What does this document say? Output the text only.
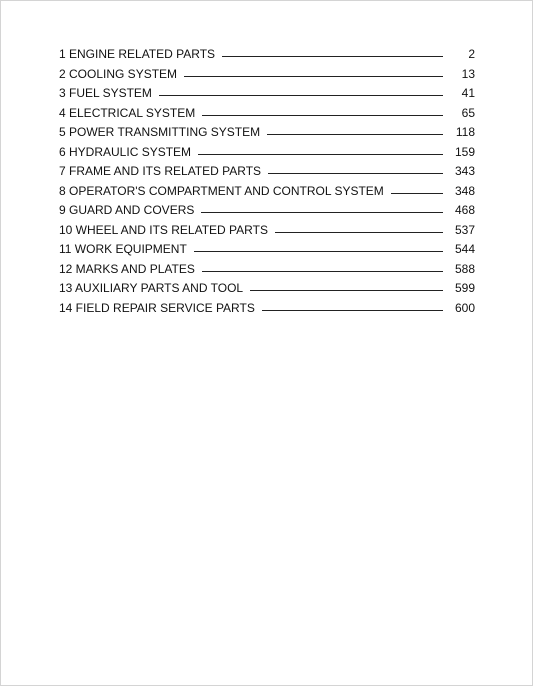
1 ENGINE RELATED PARTS	2
2 COOLING SYSTEM	13
3 FUEL SYSTEM	41
4 ELECTRICAL SYSTEM	65
5 POWER TRANSMITTING SYSTEM	118
6 HYDRAULIC SYSTEM	159
7 FRAME AND ITS RELATED PARTS	343
8 OPERATOR'S COMPARTMENT AND CONTROL SYSTEM	348
9 GUARD AND COVERS	468
10 WHEEL AND ITS RELATED PARTS	537
11 WORK EQUIPMENT	544
12 MARKS AND PLATES	588
13 AUXILIARY PARTS AND TOOL	599
14 FIELD REPAIR SERVICE PARTS	600
